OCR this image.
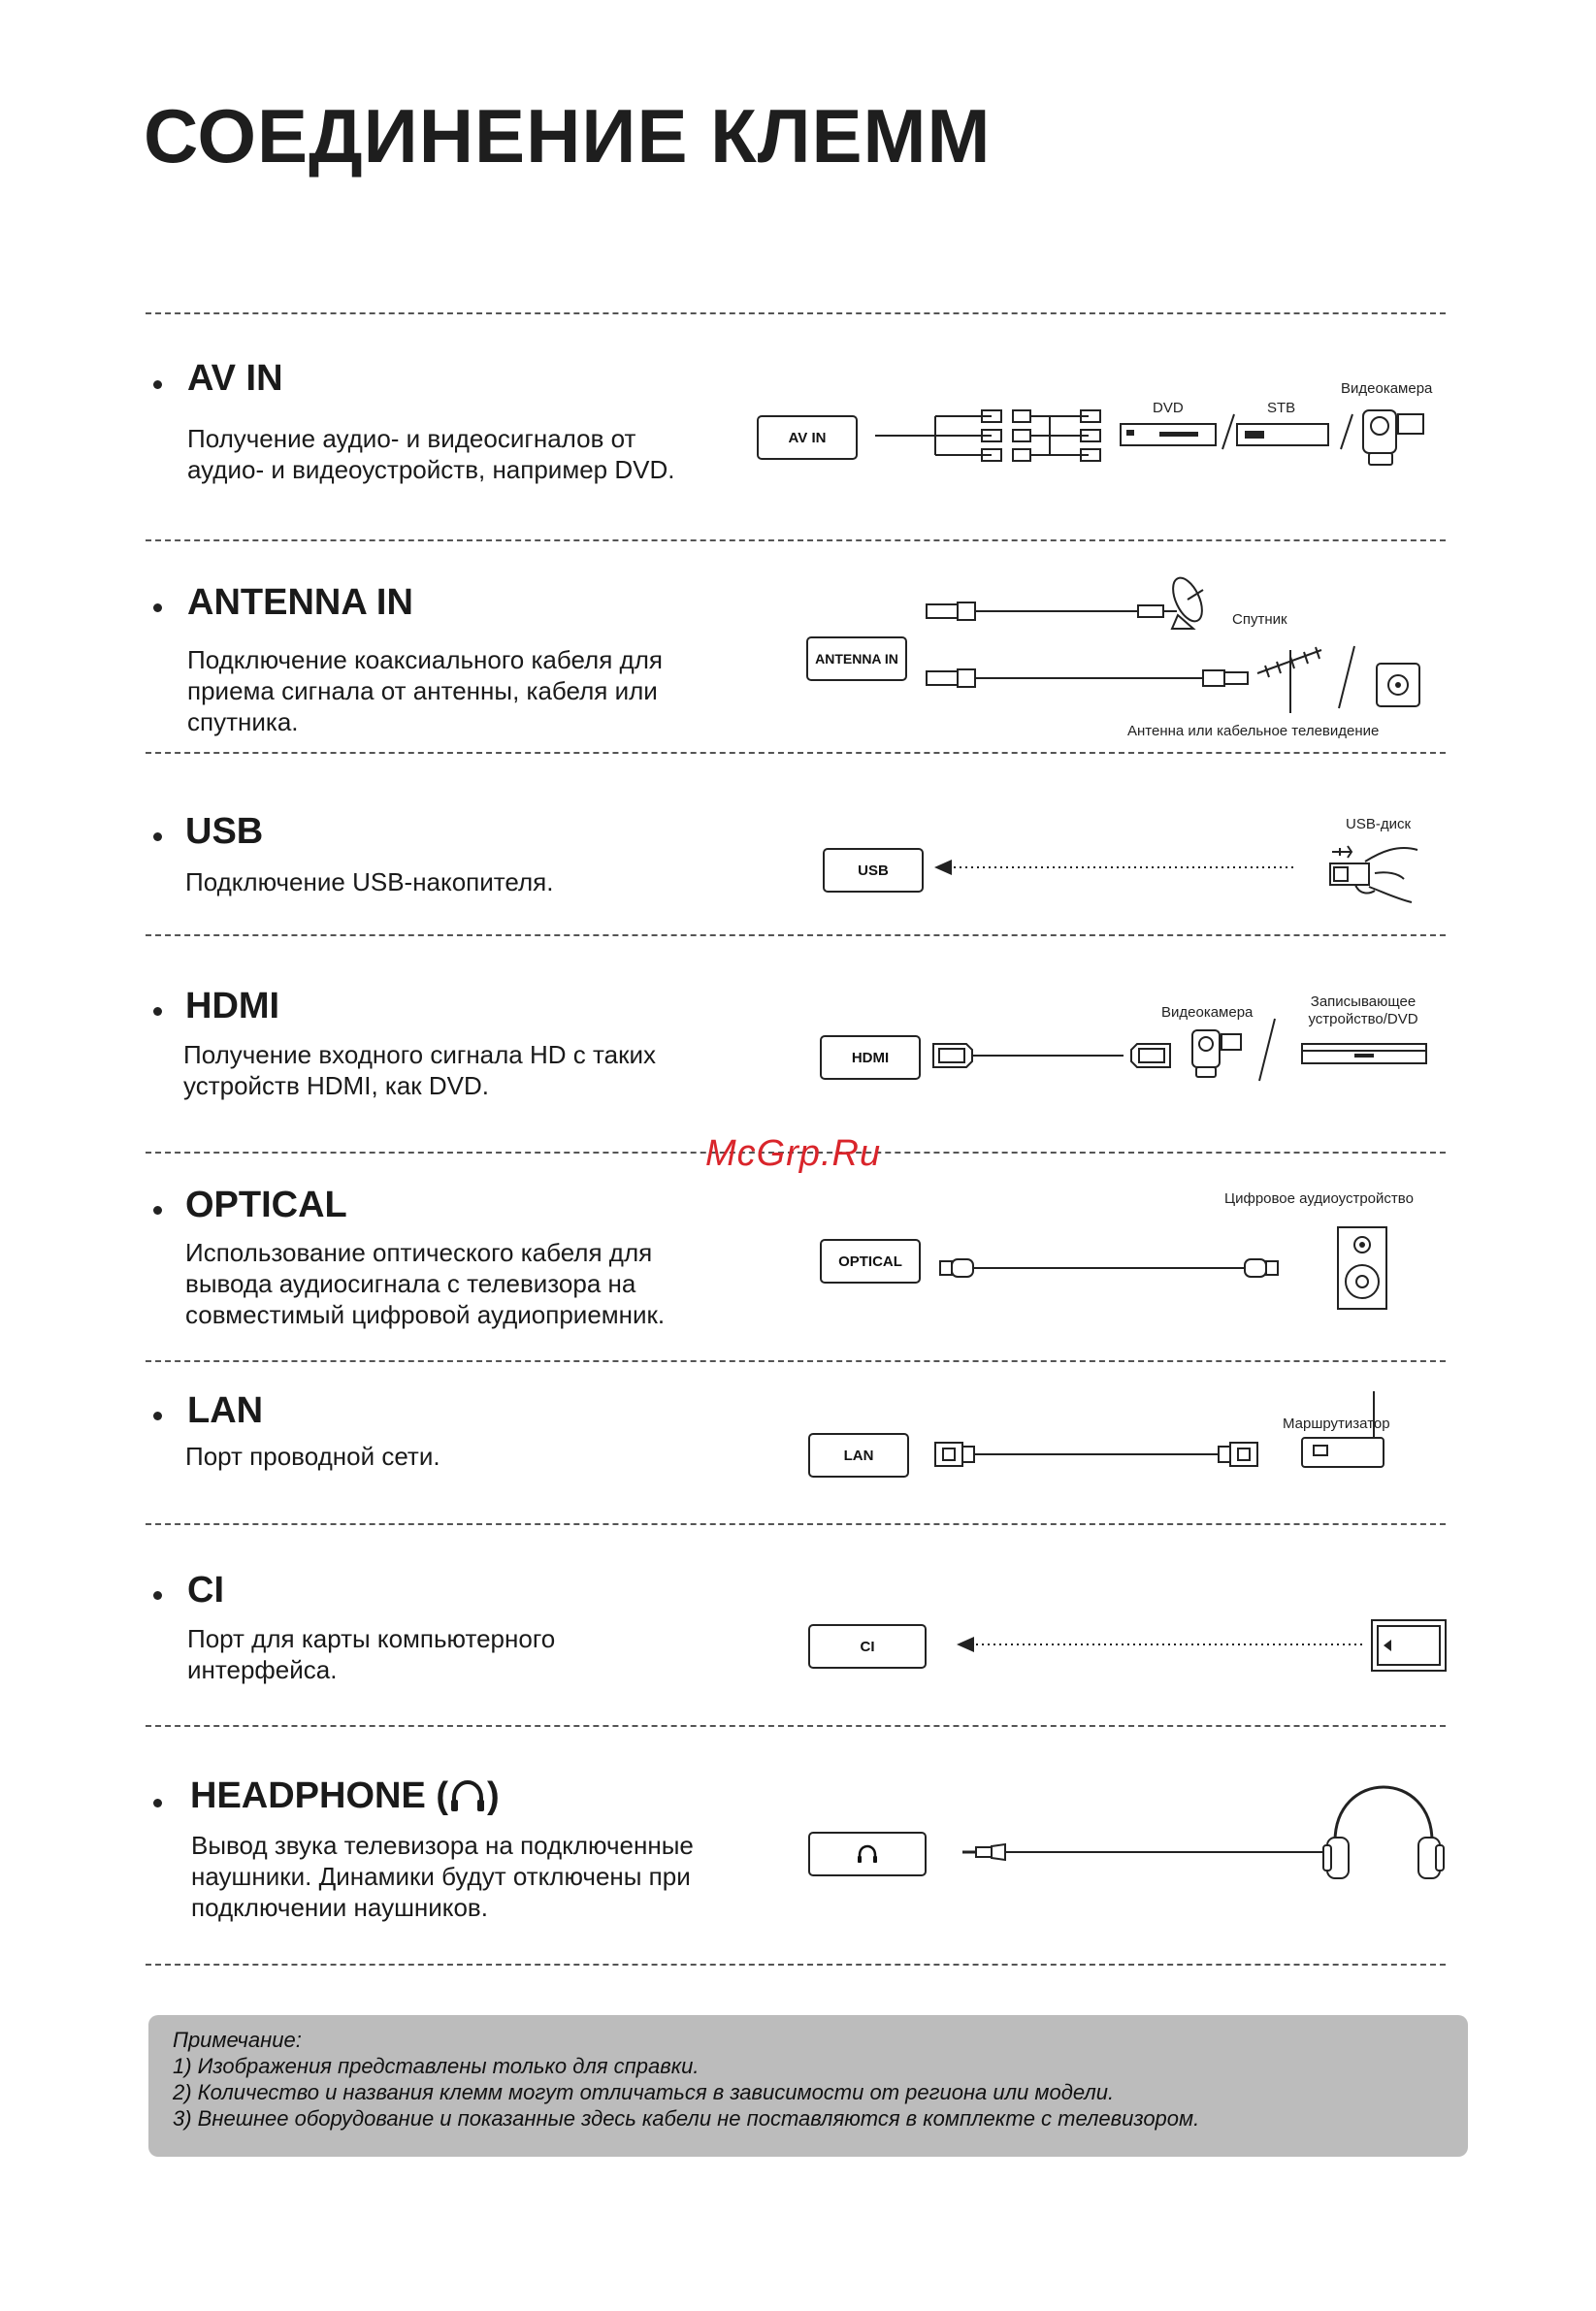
СОЕДИНЕНИЕ КЛЕММ
AV IN
Получение аудио- и видеосигналов от
аудио- и видеоустройств, например DVD.
AV IN
DVD	STB
Видеокамера
ANTENNA IN
Подключение коаксиального кабеля для
приема сигнала от антенны, кабеля или
спутника.
ANTENNA IN
Спутник
Антенна или кабельное телевидение
USB
Подключение USB-накопителя.	USB
USB-диск
HDMI
Получение входного сигнала HD с таких
устройств HDMI, как DVD.
HDMI
Видеокамера
Записывающее
устройство/DVD
McGrp.Ru
OPTICAL
Использование оптического кабеля для
вывода аудиосигнала с телевизора на
совместимый цифровой аудиоприемник.
OPTICAL
Цифровое аудиоустройство
LAN
Порт проводной сети.	LAN
Маршрутизатор
CI
Порт для карты компьютерного
интерфейса.
CI
HEADPHONE ( )
Вывод звука телевизора на подключенные
наушники. Динамики будут отключены при
подключении наушников.
Примечание:
1) Изображения представлены только для справки.
2) Количество и названия клемм могут отличаться в зависимости от региона или модели.
3) Внешнее оборудование и показанные здесь кабели не поставляются в комплекте с телевизором.
